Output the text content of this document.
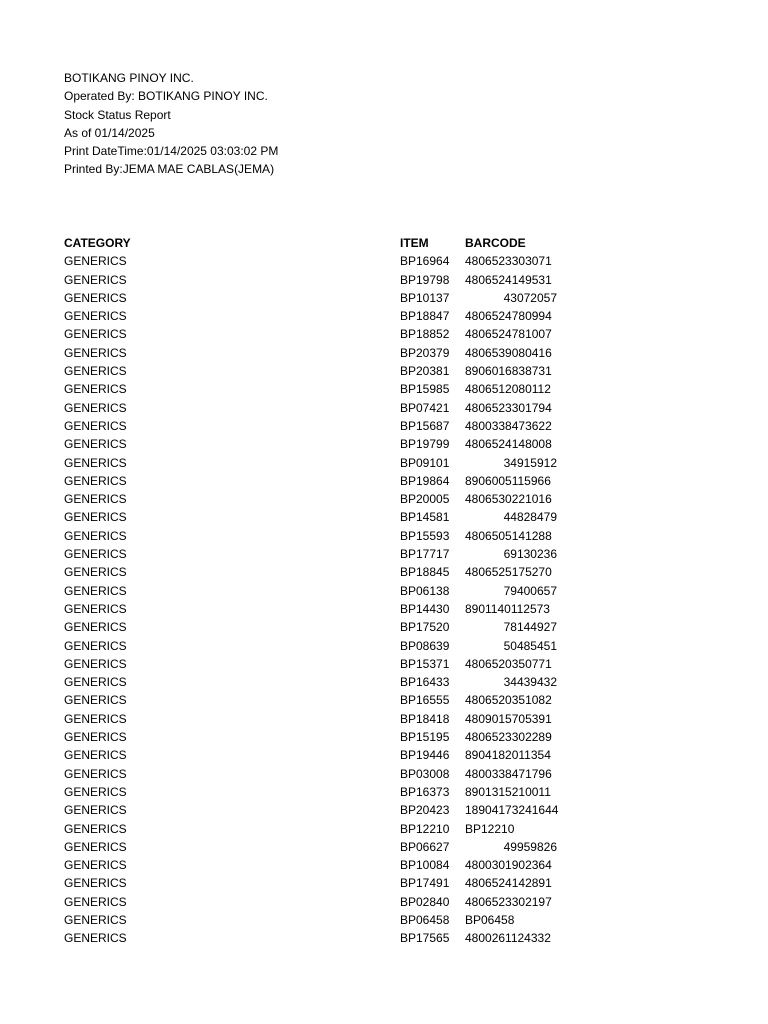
BOTIKANG PINOY INC.
Operated By: BOTIKANG PINOY INC.
Stock Status Report
As of 01/14/2025
Print DateTime:01/14/2025 03:03:02 PM
Printed By:JEMA MAE CABLAS(JEMA)
CATEGORY	ITEM	BARCODE
GENERICS	BP16964 4806523303071
GENERICS	BP19798 4806524149531
GENERICS	BP10137	43072057
GENERICS	BP18847 4806524780994
GENERICS	BP18852 4806524781007
GENERICS	BP20379 4806539080416
GENERICS	BP20381 8906016838731
GENERICS	BP15985 4806512080112
GENERICS	BP07421 4806523301794
GENERICS	BP15687 4800338473622
GENERICS	BP19799 4806524148008
GENERICS	BP09101	34915912
GENERICS	BP19864 8906005115966
GENERICS	BP20005 4806530221016
GENERICS	BP14581	44828479
GENERICS	BP15593 4806505141288
GENERICS	BP17717	69130236
GENERICS	BP18845 4806525175270
GENERICS	BP06138	79400657
GENERICS	BP14430 8901140112573
GENERICS	BP17520	78144927
GENERICS	BP08639	50485451
GENERICS	BP15371 4806520350771
GENERICS	BP16433	34439432
GENERICS	BP16555 4806520351082
GENERICS	BP18418 4809015705391
GENERICS	BP15195 4806523302289
GENERICS	BP19446 8904182011354
GENERICS	BP03008 4800338471796
GENERICS	BP16373 8901315210011
GENERICS	BP20423 18904173241644
GENERICS	BP12210 BP12210
GENERICS	BP06627	49959826
GENERICS	BP10084 4800301902364
GENERICS	BP17491 4806524142891
GENERICS	BP02840 4806523302197
GENERICS	BP06458 BP06458
GENERICS	BP17565 4800261124332
